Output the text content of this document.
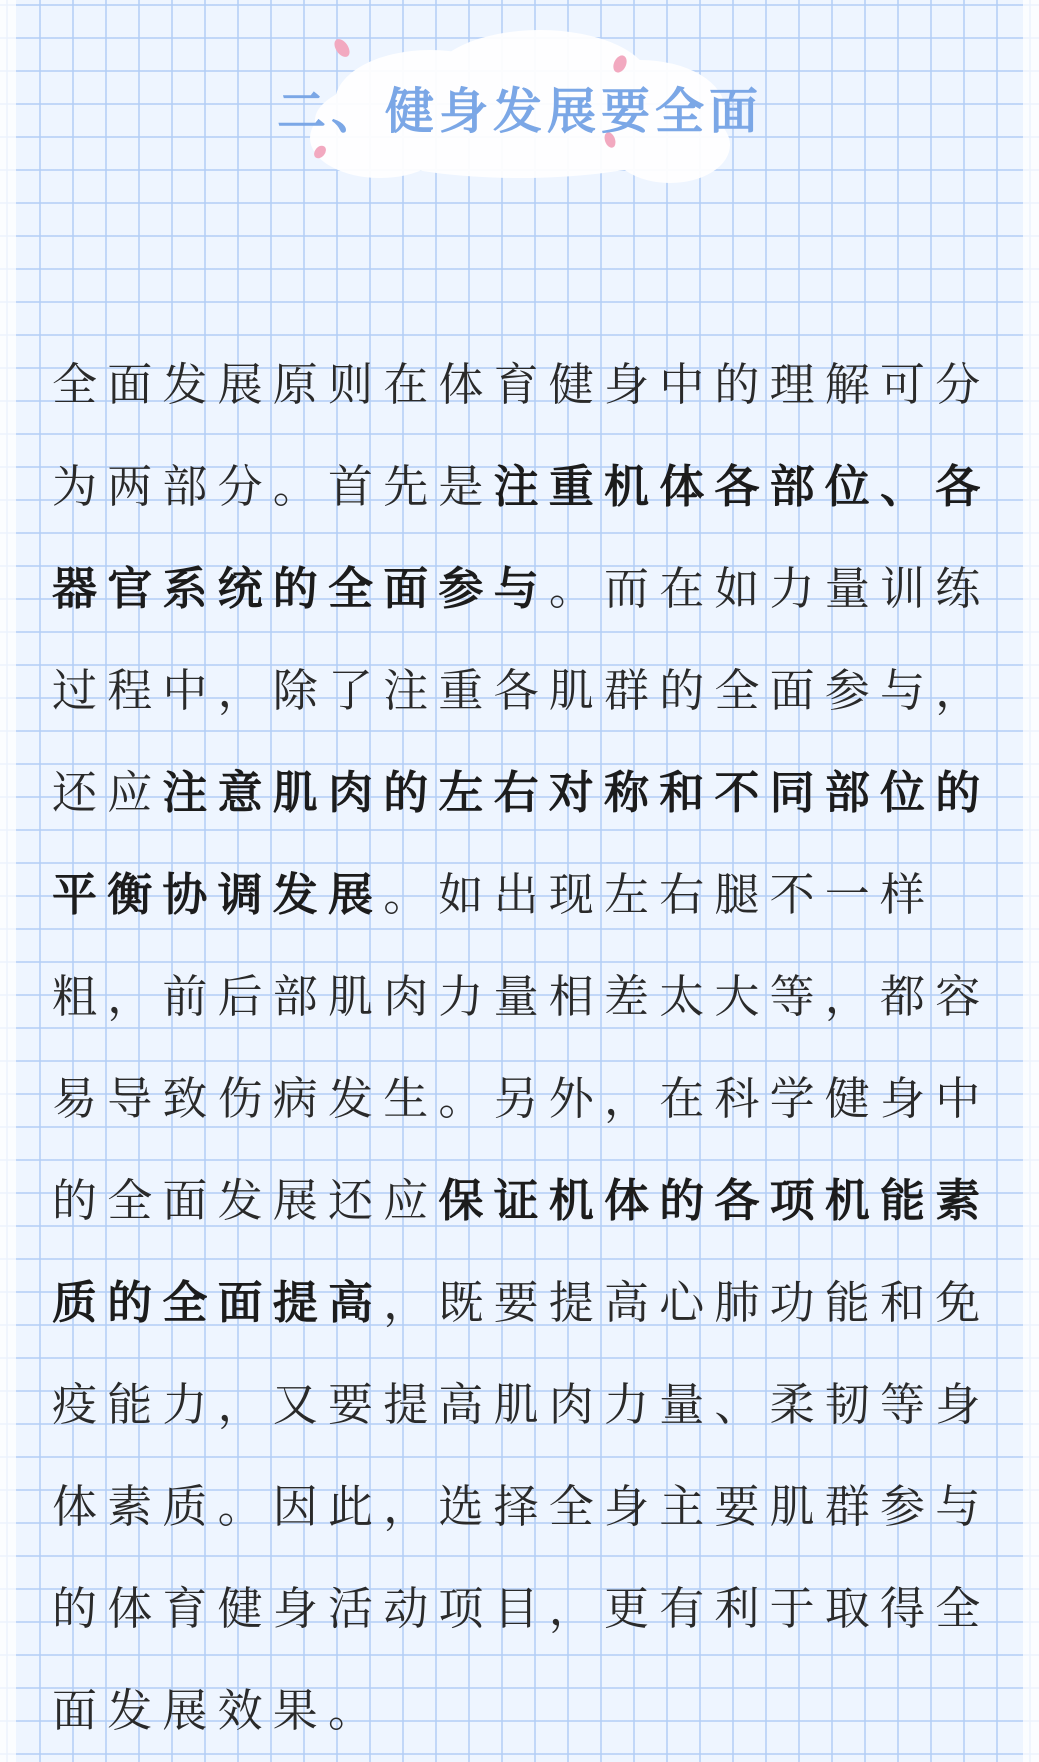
二、健身发展要全面

全面发展原则在体育健身中的理解可分
为两部分。首先是注重机体各部位、各
器官系统的全面参与。而在如力量训练
过程中，除了注重各肌群的全面参与，
还应注意肌肉的左右对称和不同部位的
平衡协调发展。如出现左右腿不一样
粗，前后部肌肉力量相差太大等，都容
易导致伤病发生。另外，在科学健身中
的全面发展还应保证机体的各项机能素
质的全面提高，既要提高心肺功能和免
疫能力，又要提高肌肉力量、柔韧等身
体素质。因此，选择全身主要肌群参与
的体育健身活动项目，更有利于取得全
面发展效果。
